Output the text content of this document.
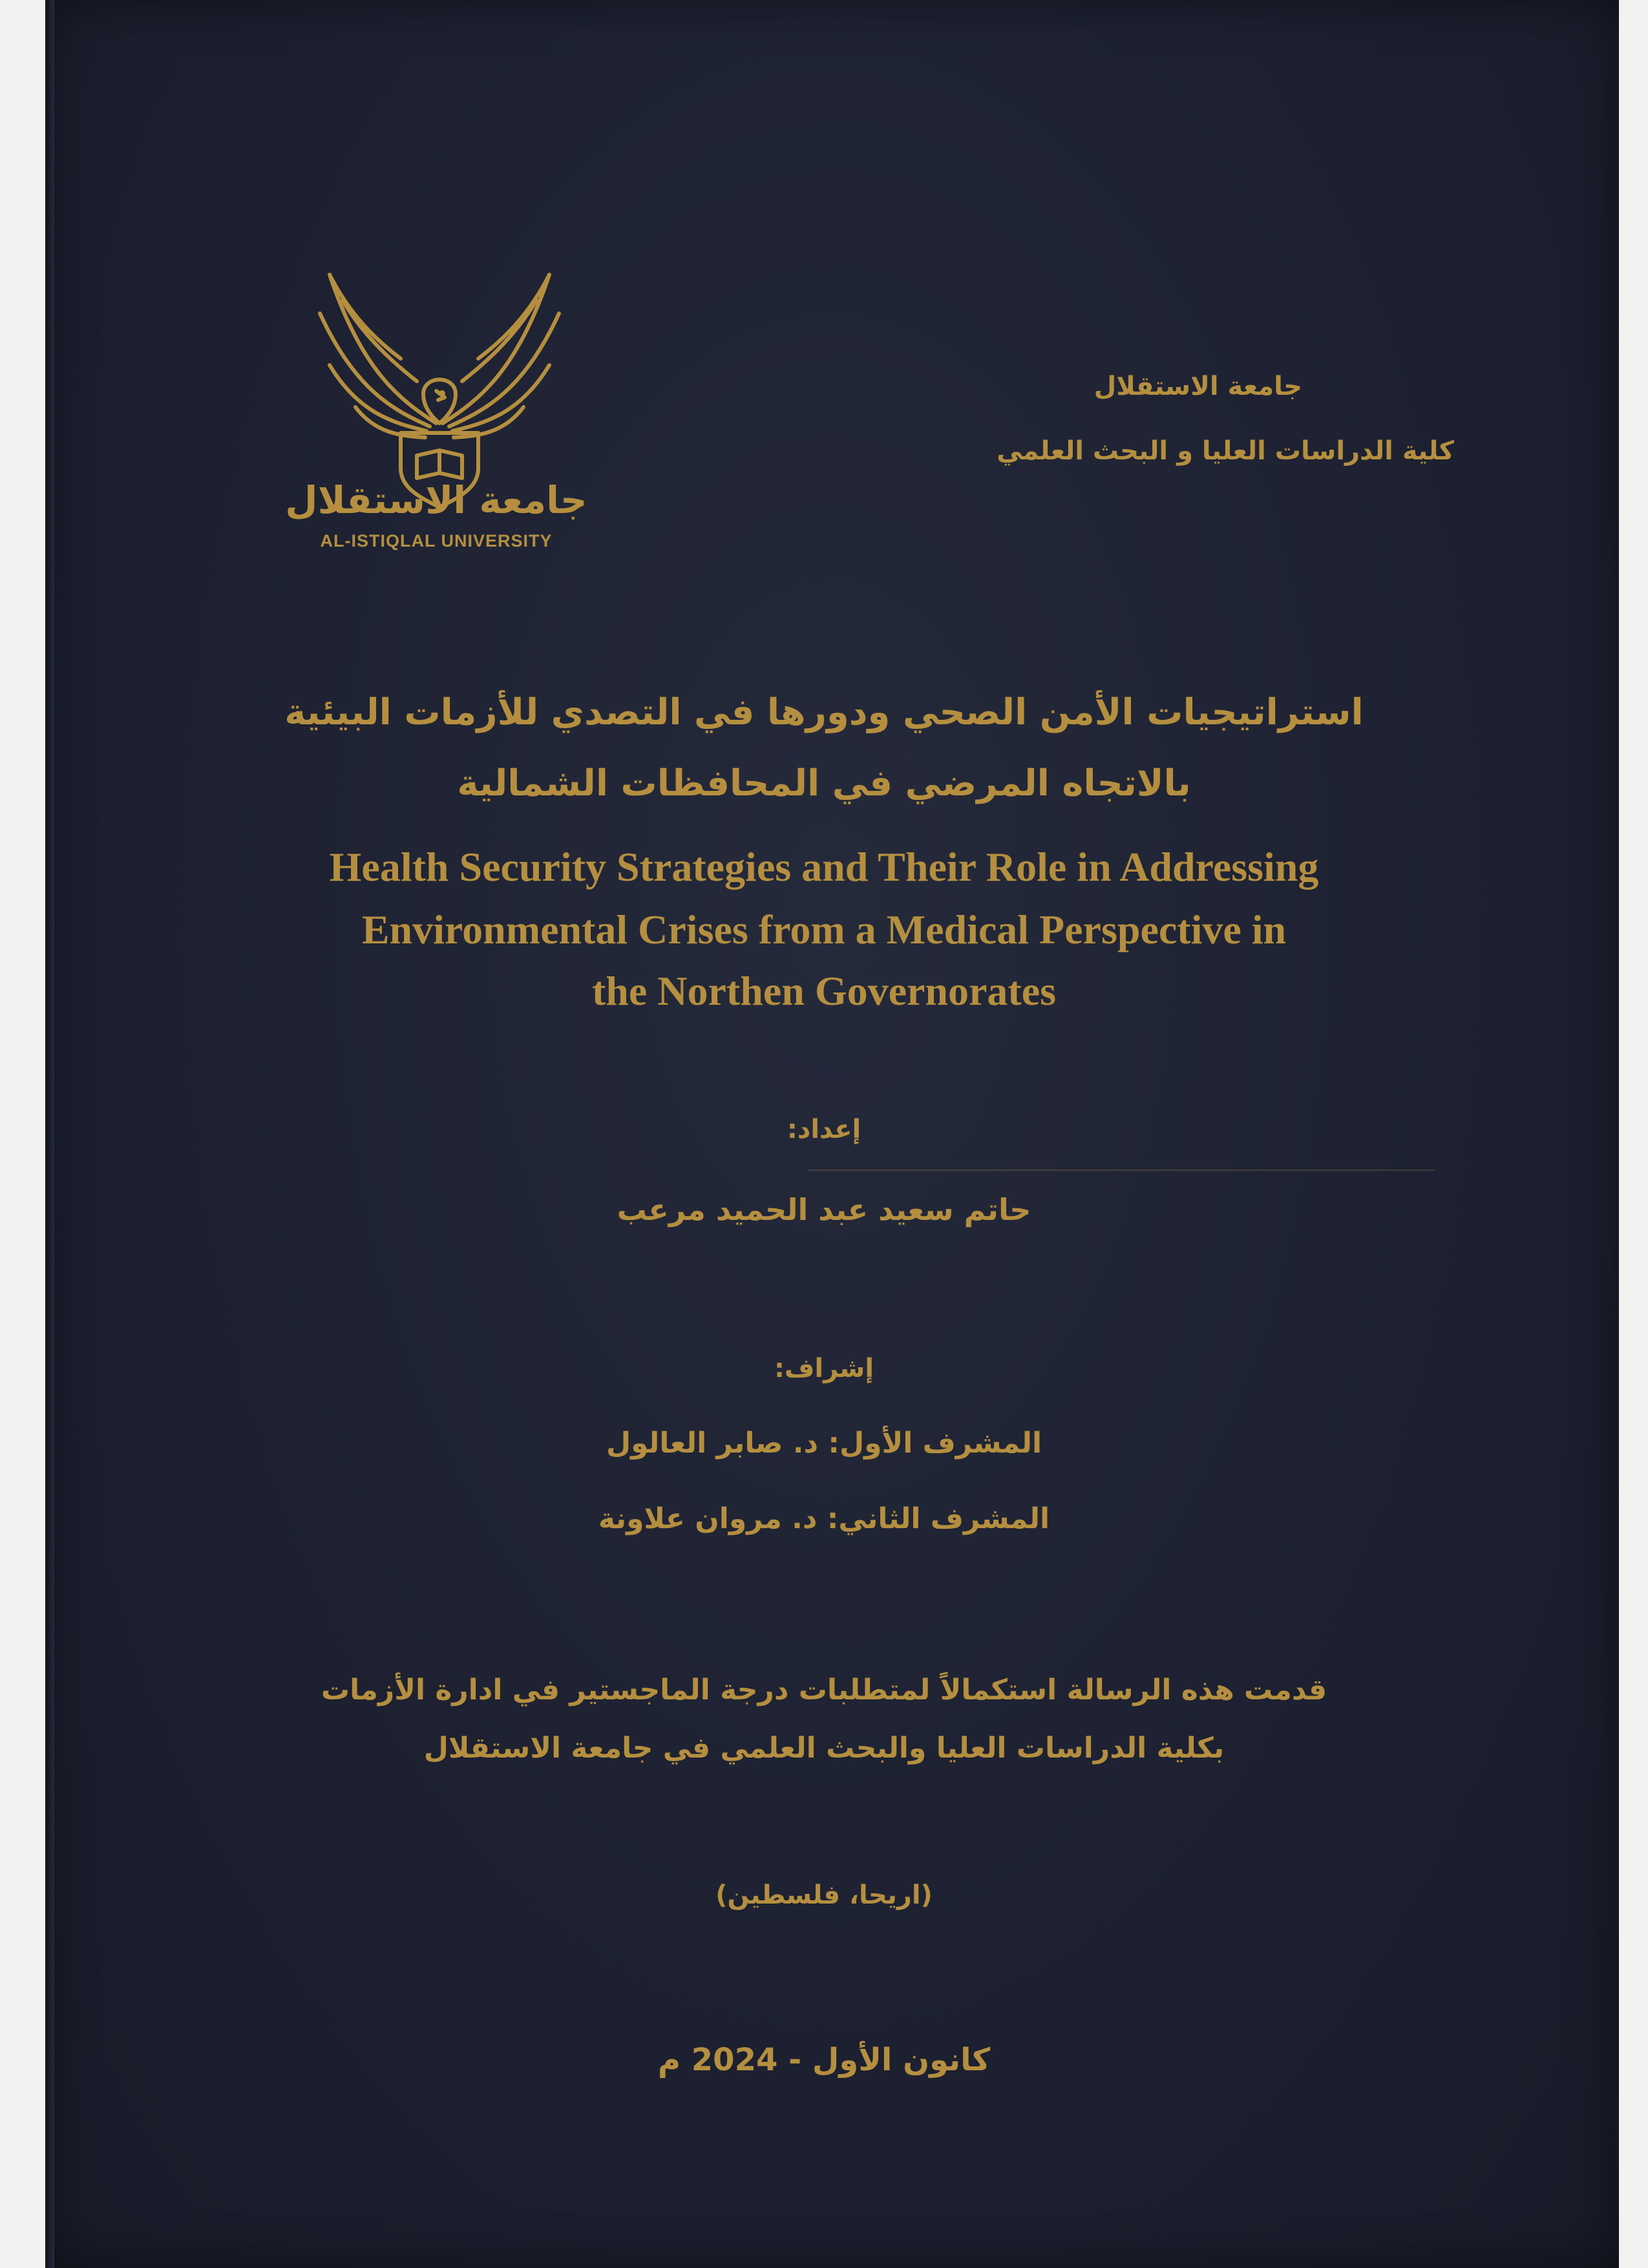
جامعة الاستقلال
AL-ISTIQLAL UNIVERSITY
جامعة الاستقلال
كلية الدراسات العليا و البحث العلمي
استراتيجيات الأمن الصحي ودورها في التصدي للأزمات البيئية
بالاتجاه المرضي في المحافظات الشمالية
Health Security Strategies and Their Role in Addressing
Environmental Crises from a Medical Perspective in
the Northen Governorates
إعداد:
حاتم سعيد عبد الحميد مرعب
إشراف:
المشرف الأول: د. صابر العالول
المشرف الثاني: د. مروان علاونة
قدمت هذه الرسالة استكمالاً لمتطلبات درجة الماجستير في ادارة الأزمات
بكلية الدراسات العليا والبحث العلمي في جامعة الاستقلال
(اريحا، فلسطين)
كانون الأول - 2024 م
